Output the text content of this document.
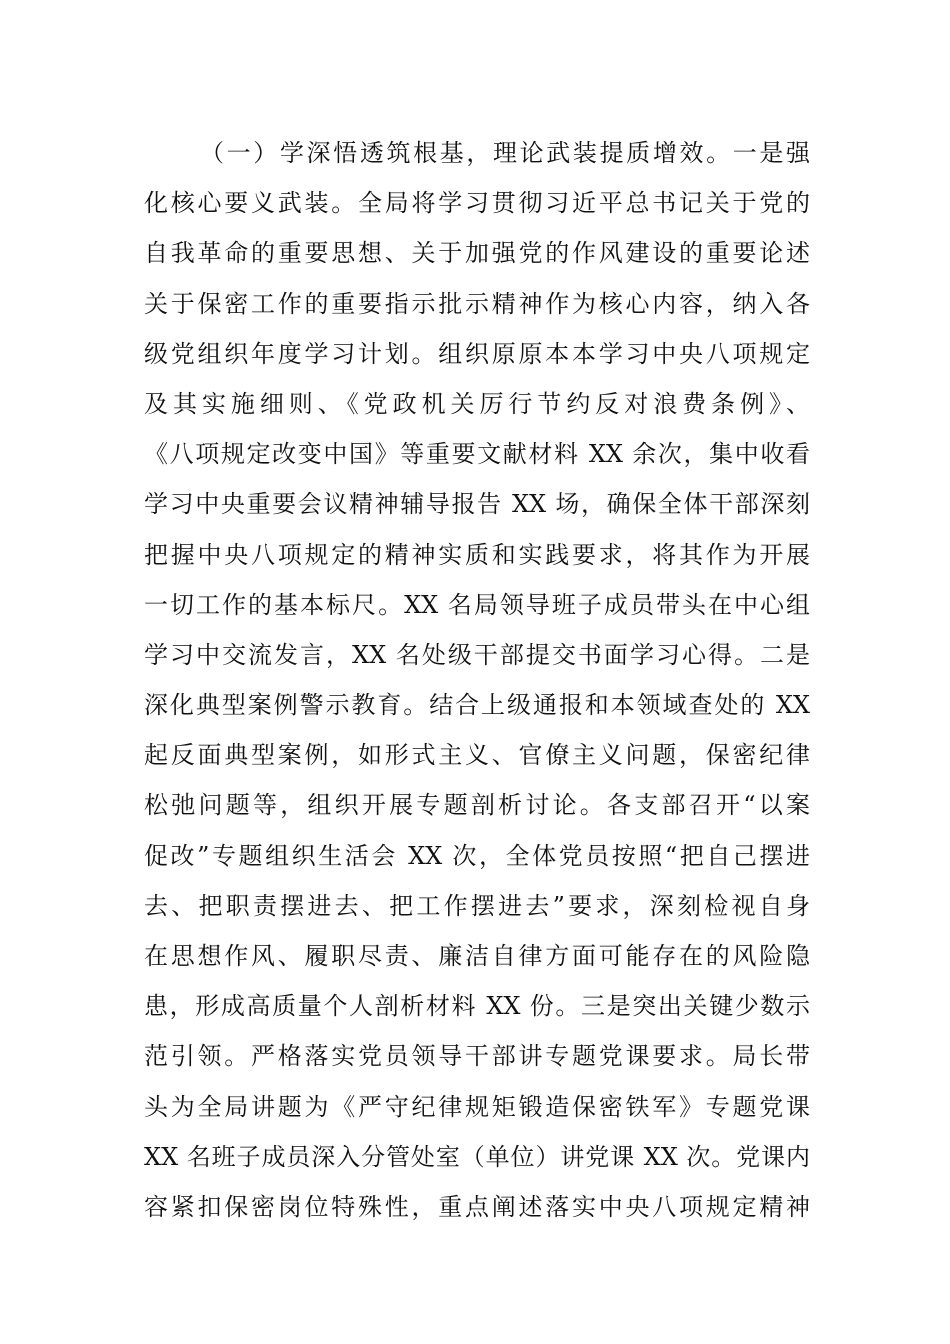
（一）学深悟透筑根基，理论武装提质增效。一是强
化核心要义武装。全局将学习贯彻习近平总书记关于党的
自我革命的重要思想、关于加强党的作风建设的重要论述
关于保密工作的重要指示批示精神作为核心内容，纳入各
级党组织年度学习计划。组织原原本本学习中央八项规定
及其实施细则、《党政机关厉行节约反对浪费条例》、
《八项规定改变中国》等重要文献材料 XX 余次，集中收看
学习中央重要会议精神辅导报告 XX 场，确保全体干部深刻
把握中央八项规定的精神实质和实践要求，将其作为开展
一切工作的基本标尺。XX 名局领导班子成员带头在中心组
学习中交流发言，XX 名处级干部提交书面学习心得。二是
深化典型案例警示教育。结合上级通报和本领域查处的 XX
起反面典型案例，如形式主义、官僚主义问题，保密纪律
松弛问题等，组织开展专题剖析讨论。各支部召开“以案
促改”专题组织生活会 XX 次，全体党员按照“把自己摆进
去、把职责摆进去、把工作摆进去”要求，深刻检视自身
在思想作风、履职尽责、廉洁自律方面可能存在的风险隐
患，形成高质量个人剖析材料 XX 份。三是突出关键少数示
范引领。严格落实党员领导干部讲专题党课要求。局长带
头为全局讲题为《严守纪律规矩锻造保密铁军》专题党课
XX 名班子成员深入分管处室（单位）讲党课 XX 次。党课内
容紧扣保密岗位特殊性，重点阐述落实中央八项规定精神
